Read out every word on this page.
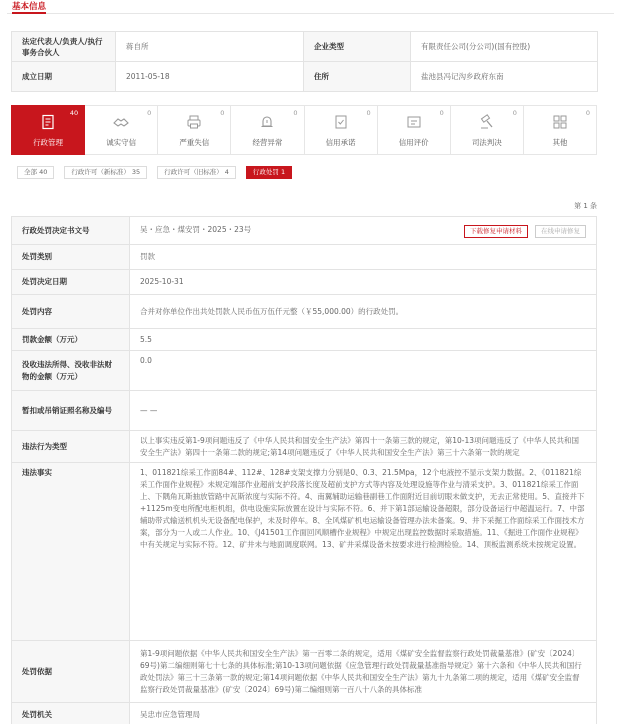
基本信息
法定代表人/负责人/执行事务合伙人	蒋自所	企业类型	有限责任公司(分公司)(国有控股)
成立日期	2011-05-18	住所	盐池县冯记沟乡政府东南
40
行政管理
0
诚实守信
0
严重失信
0
经营异常
0
信用承诺
0
信用评价
0
司法判决
0
其他
全部 40	行政许可（新标准） 35	行政许可（旧标准） 4	行政处罚 1
第 1 条
行政处罚决定书文号	下载修复申请材料 在线申请修复
吴・应急・煤安罚・2025・23号
处罚类别	罚款
处罚决定日期	2025-10-31
处罚内容	合并对你单位作出共处罚款人民币伍万伍仟元整（￥55,000.00）的行政处罚。
罚款金额（万元）	5.5
没收违法所得、没收非法财物的金额（万元）	0.0
暂扣或吊销证照名称及编号	— —
违法行为类型	以上事实违反第1-9项问题违反了《中华人民共和国安全生产法》第四十一条第三款的规定，第10-13项问题违反了《中华人民共和国安全生产法》第四十一条第二款的规定;第14项问题违反了《中华人民共和国安全生产法》第三十六条第一款的规定
违法事实	1、011821综采工作面84#、112#、128#支架支撑力分别是0、0.3、21.5Mpa，12个电液控不显示支架力数据。2、《011821综采工作面作业规程》未规定端部作业超前支护段落长度及超前支护方式等内容及处理设施等作业与清采支护。3、011821综采工作面上、下隅角瓦斯抽放管路中瓦斯浓度与实际不符。4、南翼辅助运输巷副巷工作面附近目前切眼未做支护，无去正常使用。5、直接并下+1125m变电所配电柜机组，供电设施实际放置在设计与实际不符。6、并下第1部运输设备超限，部分设备运行中超温运行。7、中部辅助带式输送机机头无设备配电保护，未及时停车。8、全风煤矿机电运输设备管理办法未备案。9、井下采掘工作面综采工作面技术方案，部分为一人或二人作业。10、《J41501工作面回风顺槽作业规程》中规定出现监控数据时采取措施。11、《掘进工作面作业规程》中有关规定与实际不符。12、矿井未与地面调度联网。13、矿井采煤设备未按要求进行检测检验。14、顶板监测系统未按规定设置。
处罚依据	第1-9项问题依据《中华人民共和国安全生产法》第一百零二条的规定，适用《煤矿安全监督监察行政处罚裁量基准》(矿安〔2024〕69号)第二编细则第七十七条的具体标准;第10-13项问题依据《应急管理行政处罚裁量基准指导规定》第十六条和《中华人民共和国行政处罚法》第三十三条第一款的规定;第14项问题依据《中华人民共和国安全生产法》第九十九条第二项的规定，适用《煤矿安全监督监察行政处罚裁量基准》(矿安〔2024〕69号)第二编细则第一百八十八条的具体标准
处罚机关	吴忠市应急管理局
